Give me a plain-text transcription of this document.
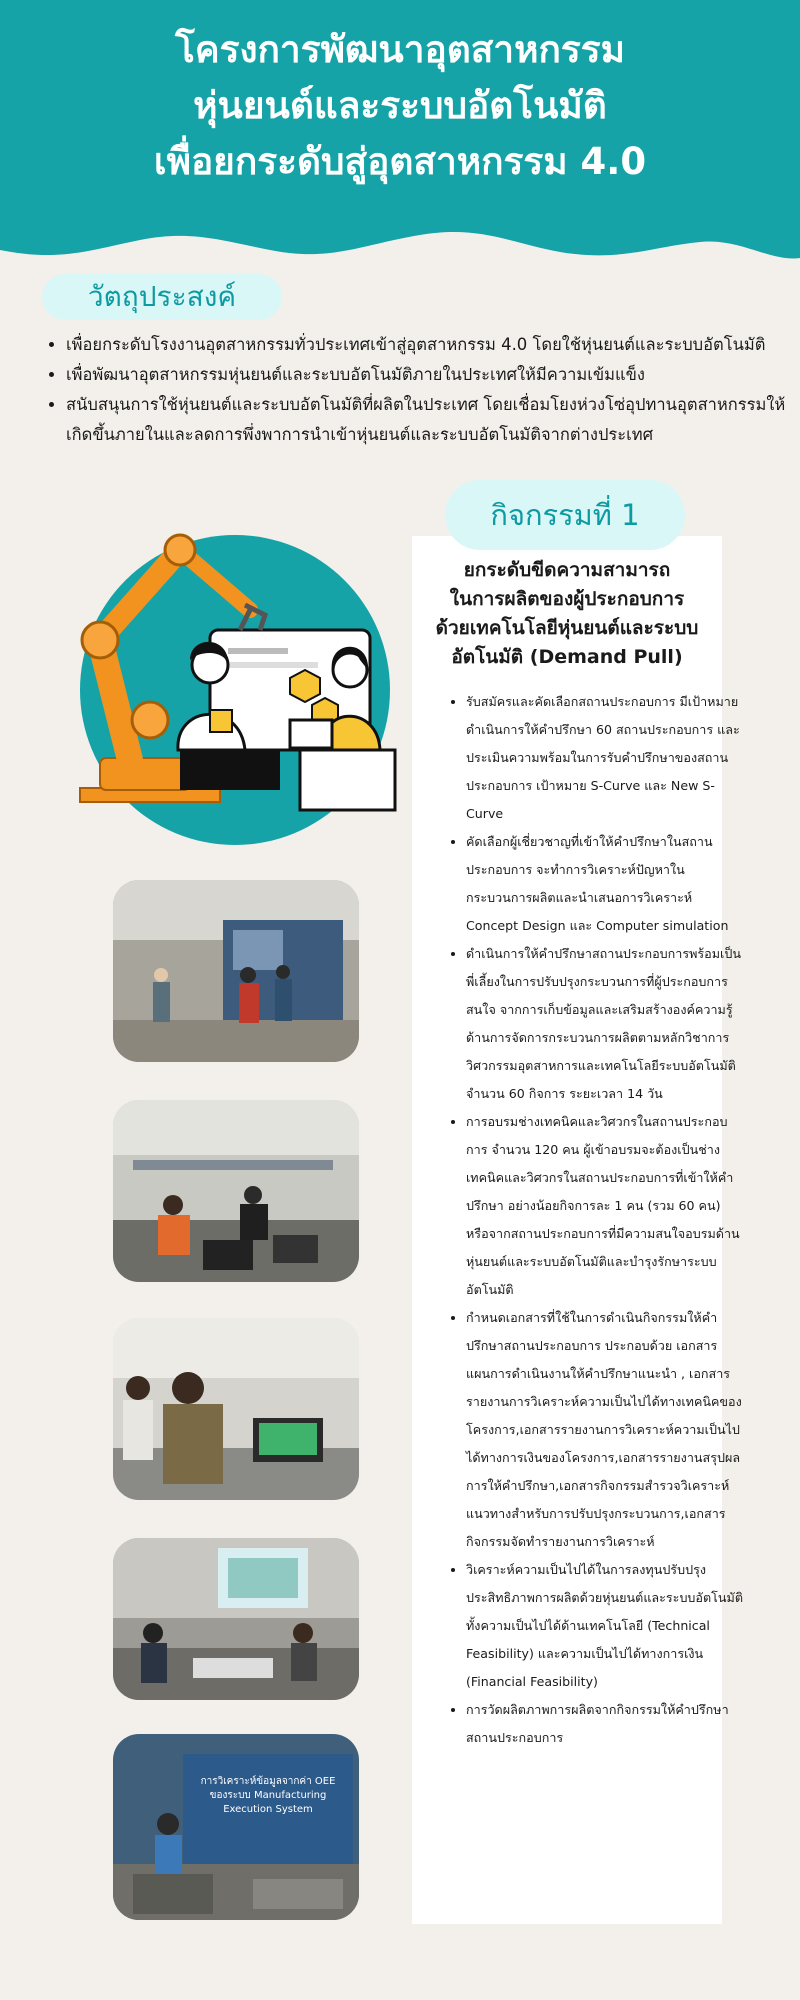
โครงการพัฒนาอุตสาหกรรม
หุ่นยนต์และระบบอัตโนมัติ
เพื่อยกระดับสู่อุตสาหกรรม 4.0
วัตถุประสงค์
• เพื่อยกระดับโรงงานอุตสาหกรรมทั่วประเทศเข้าสู่อุตสาหกรรม 4.0 โดยใช้หุ่นยนต์และระบบอัตโนมัติ
• เพื่อพัฒนาอุตสาหกรรมหุ่นยนต์และระบบอัตโนมัติภายในประเทศให้มีความเข้มแข็ง
• สนับสนุนการใช้หุ่นยนต์และระบบอัตโนมัติที่ผลิตในประเทศ โดยเชื่อมโยงห่วงโซ่อุปทานอุตสาหกรรมให้เกิดขึ้นภายในและลดการพึ่งพาการนำเข้าหุ่นยนต์และระบบอัตโนมัติจากต่างประเทศ
ยกระดับขีดความสามารถ
ในการผลิตของผู้ประกอบการ
ด้วยเทคโนโลยีหุ่นยนต์และระบบ
อัตโนมัติ (Demand Pull)
• รับสมัครและคัดเลือกสถานประกอบการ มีเป้าหมายดำเนินการให้คำปรึกษา 60 สถานประกอบการ และประเมินความพร้อมในการรับคำปรึกษาของสถานประกอบการ เป้าหมาย S-Curve และ New S- Curve
• คัดเลือกผู้เชี่ยวชาญที่เข้าให้คำปรึกษาในสถานประกอบการ จะทำการวิเคราะห์ปัญหาในกระบวนการผลิตและนำเสนอการวิเคราะห์ Concept Design และ Computer simulation
• ดำเนินการให้คำปรึกษาสถานประกอบการพร้อมเป็นพี่เลี้ยงในการปรับปรุงกระบวนการที่ผู้ประกอบการสนใจ จากการเก็บข้อมูลและเสริมสร้างองค์ความรู้ด้านการจัดการกระบวนการผลิตตามหลักวิชาการวิศวกรรมอุตสาหการและเทคโนโลยีระบบอัตโนมัติ จำนวน 60 กิจการ ระยะเวลา 14 วัน
• การอบรมช่างเทคนิคและวิศวกรในสถานประกอบการ จำนวน 120 คน ผู้เข้าอบรมจะต้องเป็นช่างเทคนิคและวิศวกรในสถานประกอบการที่เข้าให้คำปรึกษา อย่างน้อยกิจการละ 1 คน (รวม 60 คน) หรือจากสถานประกอบการที่มีความสนใจอบรมด้านหุ่นยนต์และระบบอัตโนมัติและบำรุงรักษาระบบอัตโนมัติ
• กำหนดเอกสารที่ใช้ในการดำเนินกิจกรรมให้คำปรึกษาสถานประกอบการ ประกอบด้วย เอกสารแผนการดำเนินงานให้คำปรึกษาแนะนำ , เอกสารรายงานการวิเคราะห์ความเป็นไปได้ทางเทคนิคของโครงการ,เอกสารรายงานการวิเคราะห์ความเป็นไปได้ทางการเงินของโครงการ,เอกสารรายงานสรุปผลการให้คำปรึกษา,เอกสารกิจกรรมสำรวจวิเคราะห์แนวทางสำหรับการปรับปรุงกระบวนการ,เอกสารกิจกรรมจัดทำรายงานการวิเคราะห์
• วิเคราะห์ความเป็นไปได้ในการลงทุนปรับปรุงประสิทธิภาพการผลิตด้วยหุ่นยนต์และระบบอัตโนมัติ ทั้งความเป็นไปได้ด้านเทคโนโลยี (Technical Feasibility) และความเป็นไปได้ทางการเงิน (Financial Feasibility)
• การวัดผลิตภาพการผลิตจากกิจกรรมให้คำปรึกษาสถานประกอบการ
กิจกรรมที่ 1
การวิเคราะห์ข้อมูลจากค่า OEE
ของระบบ Manufacturing
Execution System
